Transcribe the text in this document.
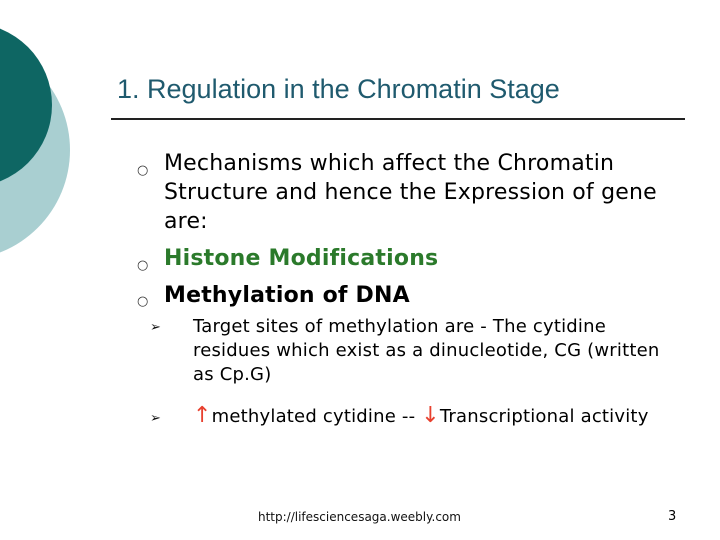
1. Regulation in the Chromatin Stage
○ Mechanisms which affect the Chromatin Structure and hence the Expression of gene are:
○ Histone Modifications
○ Methylation of DNA
➢ Target sites of methylation are - The cytidine residues which exist as a dinucleotide, CG (written as Cp.G)
➢ ↑methylated cytidine -- ↓Transcriptional activity
http://lifesciencesaga.weebly.com	3
